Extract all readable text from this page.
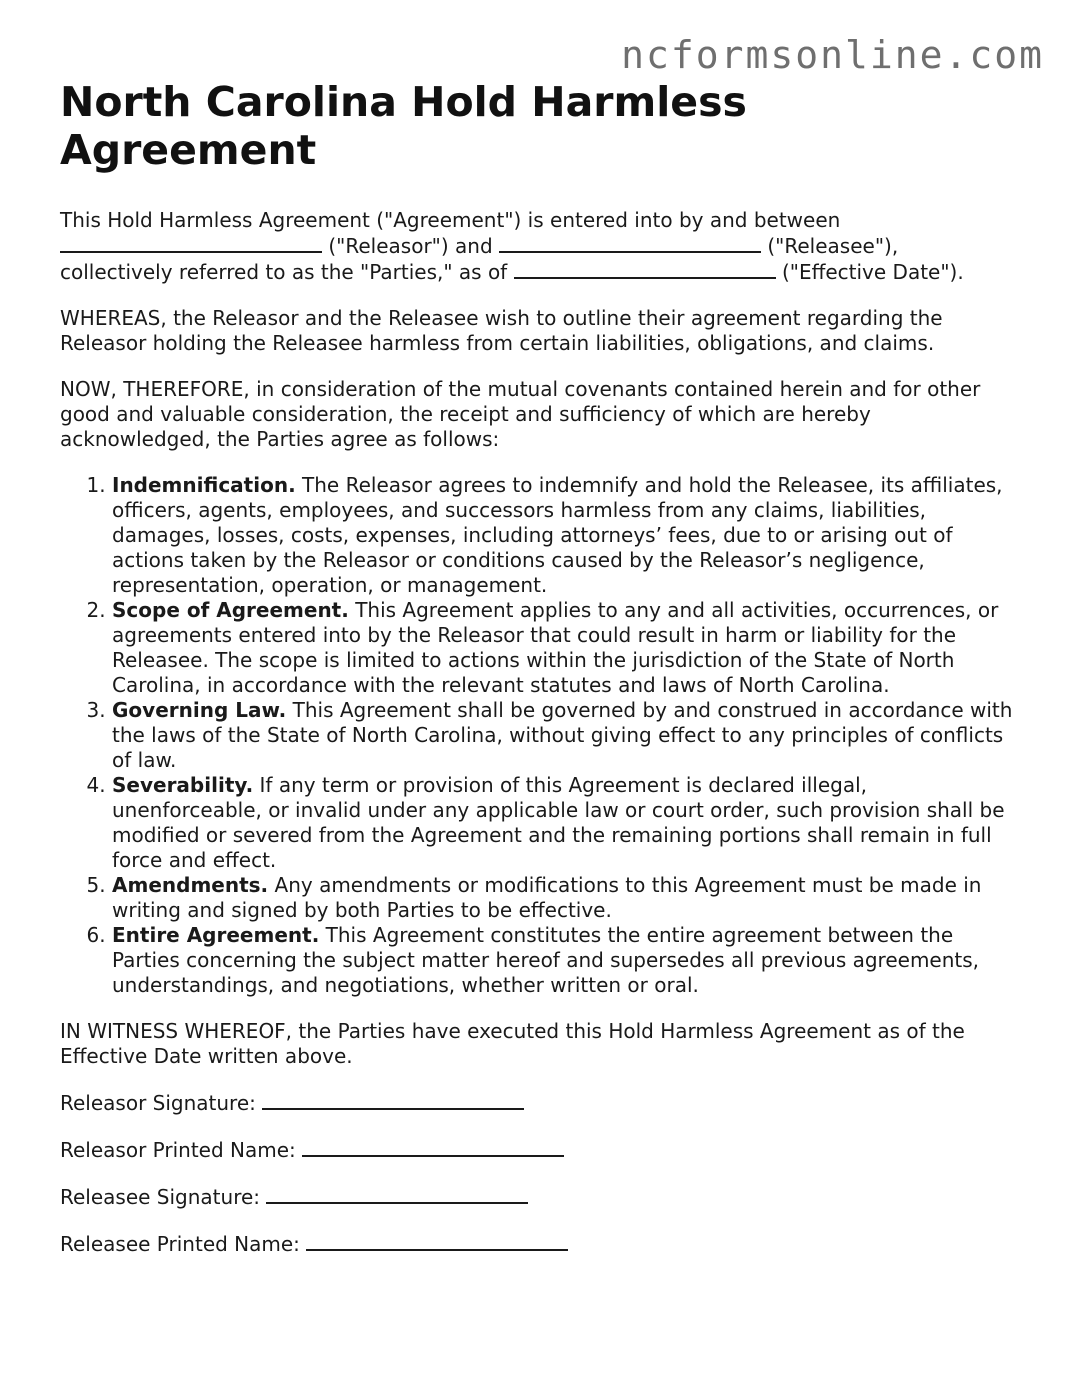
ncformsonline.com
North Carolina Hold Harmless Agreement

This Hold Harmless Agreement ("Agreement") is entered into by and between
("Releasor") and	("Releasee"),
collectively referred to as the "Parties," as of	("Effective Date").

WHEREAS, the Releasor and the Releasee wish to outline their agreement regarding the Releasor holding the Releasee harmless from certain liabilities, obligations, and claims.

NOW, THEREFORE, in consideration of the mutual covenants contained herein and for other good and valuable consideration, the receipt and sufficiency of which are hereby acknowledged, the Parties agree as follows:

1. Indemnification. The Releasor agrees to indemnify and hold the Releasee, its affiliates, officers, agents, employees, and successors harmless from any claims, liabilities, damages, losses, costs, expenses, including attorneys’ fees, due to or arising out of actions taken by the Releasor or conditions caused by the Releasor’s negligence, representation, operation, or management.
2. Scope of Agreement. This Agreement applies to any and all activities, occurrences, or agreements entered into by the Releasor that could result in harm or liability for the Releasee. The scope is limited to actions within the jurisdiction of the State of North Carolina, in accordance with the relevant statutes and laws of North Carolina.
3. Governing Law. This Agreement shall be governed by and construed in accordance with the laws of the State of North Carolina, without giving effect to any principles of conflicts of law.
4. Severability. If any term or provision of this Agreement is declared illegal, unenforceable, or invalid under any applicable law or court order, such provision shall be modified or severed from the Agreement and the remaining portions shall remain in full force and effect.
5. Amendments. Any amendments or modifications to this Agreement must be made in writing and signed by both Parties to be effective.
6. Entire Agreement. This Agreement constitutes the entire agreement between the Parties concerning the subject matter hereof and supersedes all previous agreements, understandings, and negotiations, whether written or oral.

IN WITNESS WHEREOF, the Parties have executed this Hold Harmless Agreement as of the Effective Date written above.

Releasor Signature:

Releasor Printed Name:

Releasee Signature:

Releasee Printed Name:
